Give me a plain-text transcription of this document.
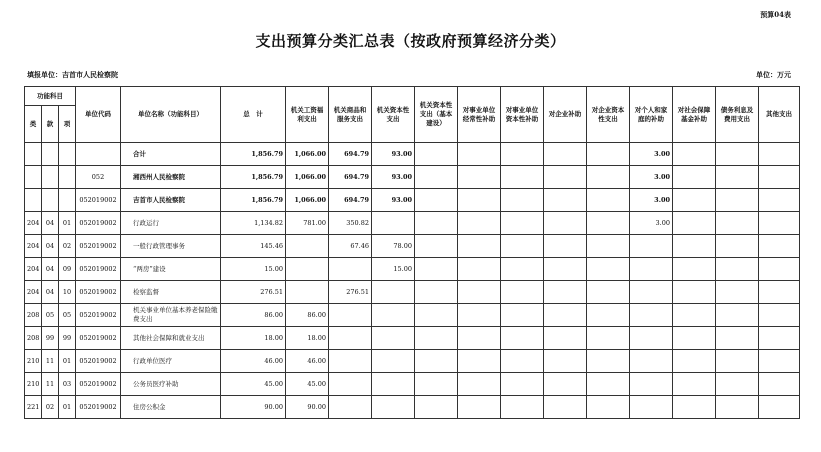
预算04表
支出预算分类汇总表（按政府预算经济分类）
填报单位：吉首市人民检察院	单位：万元
功能科目			单位代码	单位名称（功能科目）	总　计	机关工资福利支出	机关商品和服务支出	机关资本性支出	机关资本性支出（基本建设）	对事业单位经常性补助	对事业单位资本性补助	对企业补助	对企业资本性支出	对个人和家庭的补助	对社会保障基金补助	债务利息及费用支出	其他支出
类	款	项															
				合计	1,856.79	1,066.00	694.79	93.00						3.00			
			052	湘西州人民检察院	1,856.79	1,066.00	694.79	93.00						3.00			
			052019002	吉首市人民检察院	1,856.79	1,066.00	694.79	93.00						3.00			
204	04	01	052019002	行政运行	1,134.82	781.00	350.82							3.00			
204	04	02	052019002	一般行政管理事务	145.46		67.46	78.00									
204	04	09	052019002	“两房”建设	15.00			15.00									
204	04	10	052019002	检察监督	276.51		276.51										
208	05	05	052019002	机关事业单位基本养老保险缴费支出	86.00	86.00											
208	99	99	052019002	其他社会保障和就业支出	18.00	18.00											
210	11	01	052019002	行政单位医疗	46.00	46.00											
210	11	03	052019002	公务员医疗补助	45.00	45.00											
221	02	01	052019002	住房公积金	90.00	90.00											
